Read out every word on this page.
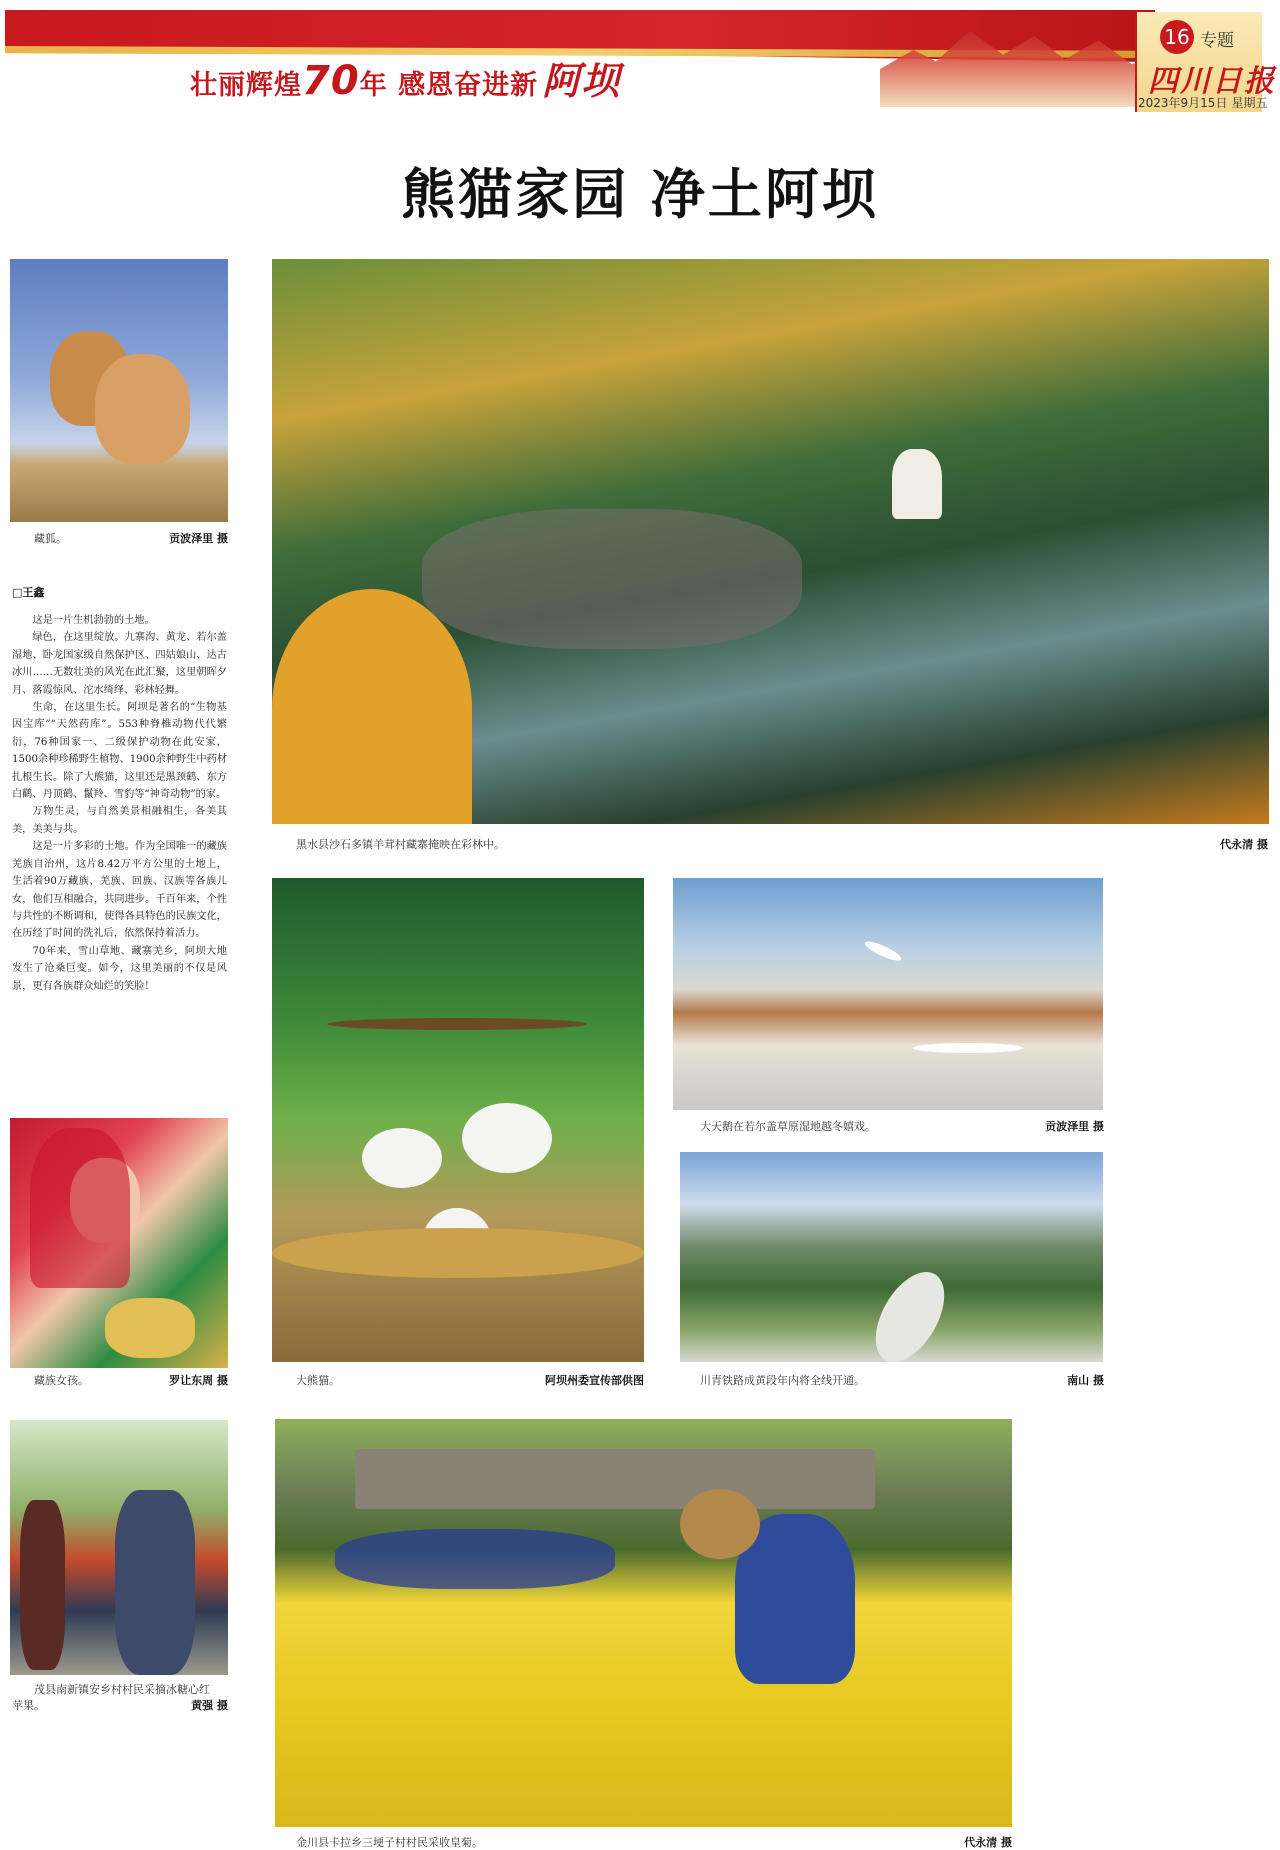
壮丽辉煌70年 感恩奋进新 阿坝
16 专题
四川日报
2023年9月15日 星期五
熊猫家园 净土阿坝
藏狐。	贡波泽里 摄
黑水县沙石多镇羊茸村藏寨掩映在彩林中。	代永清 摄
大熊猫。	阿坝州委宣传部供图
大天鹅在若尔盖草原湿地越冬嬉戏。	贡波泽里 摄
川青铁路成黄段年内将全线开通。	南山 摄
藏族女孩。	罗让东周 摄
茂县南新镇安乡村村民采摘冰糖心红
苹果。	黄强 摄
金川县卡拉乡三埂子村村民采收皇菊。	代永清 摄
□王鑫

这是一片生机勃勃的土地。

绿色，在这里绽放。九寨沟、黄龙、若尔盖湿地、卧龙国家级自然保护区、四姑娘山、达古冰川……无数壮美的风光在此汇聚，这里朝晖夕月、落霞惊风、沱水绮绎、彩林轻舞。

生命，在这里生长。阿坝是著名的“生物基因宝库”“天然药库”。553种脊椎动物代代繁衍，76种国家一、二级保护动物在此安家，1500余种珍稀野生植物、1900余种野生中药材扎根生长。除了大熊猫，这里还是黑颈鹤、东方白鹳、丹顶鹤、鬣羚、雪豹等“神奇动物”的家。

万物生灵，与自然美景相融相生，各美其美，美美与共。

这是一片多彩的土地。作为全国唯一的藏族羌族自治州，这片8.42万平方公里的土地上，生活着90万藏族、羌族、回族、汉族等各族儿女，他们互相融合，共同进步。千百年来，个性与共性的不断调和，使得各具特色的民族文化，在历经了时间的洗礼后，依然保持着活力。

70年来，雪山草地、藏寨羌乡，阿坝大地发生了沧桑巨变。如今，这里美丽的不仅是风景，更有各族群众灿烂的笑脸！
